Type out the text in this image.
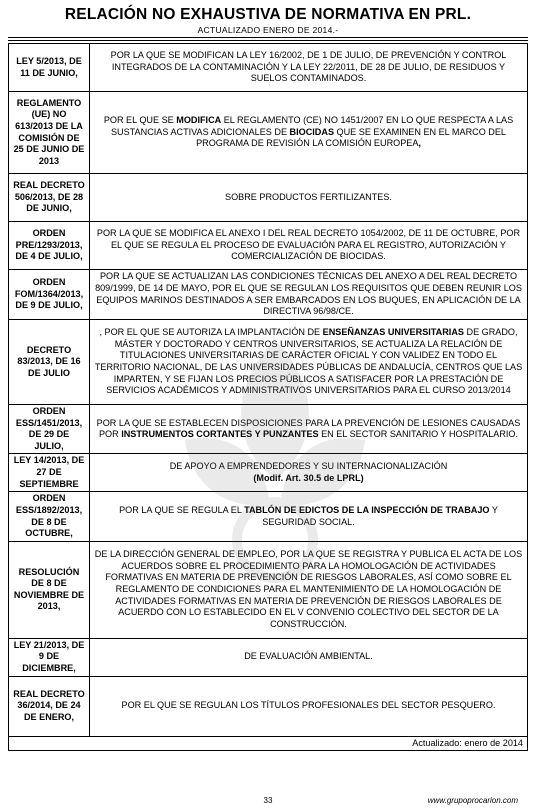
RELACIÓN NO EXHAUSTIVA DE NORMATIVA EN PRL.
ACTUALIZADO ENERO DE 2014.-
LEY 5/2013, DE 11 DE JUNIO,	POR LA QUE SE MODIFICAN LA LEY 16/2002, DE 1 DE JULIO, DE PREVENCIÓN Y CONTROL INTEGRADOS DE LA CONTAMINACIÓN Y LA LEY 22/2011, DE 28 DE JULIO, DE RESIDUOS Y SUELOS CONTAMINADOS.
REGLAMENTO (UE) NO 613/2013 DE LA COMISIÓN DE 25 DE JUNIO DE 2013	POR EL QUE SE MODIFICA EL REGLAMENTO (CE) NO 1451/2007 EN LO QUE RESPECTA A LAS SUSTANCIAS ACTIVAS ADICIONALES DE BIOCIDAS QUE SE EXAMINEN EN EL MARCO DEL PROGRAMA DE REVISIÓN LA COMISIÓN EUROPEA,
REAL DECRETO 506/2013, DE 28 DE JUNIO,	SOBRE PRODUCTOS FERTILIZANTES.
ORDEN PRE/1293/2013, DE 4 DE JULIO,	POR LA QUE SE MODIFICA EL ANEXO I DEL REAL DECRETO 1054/2002, DE 11 DE OCTUBRE, POR EL QUE SE REGULA EL PROCESO DE EVALUACIÓN PARA EL REGISTRO, AUTORIZACIÓN Y COMERCIALIZACIÓN DE BIOCIDAS.
ORDEN FOM/1364/2013, DE 9 DE JULIO,	POR LA QUE SE ACTUALIZAN LAS CONDICIONES TÉCNICAS DEL ANEXO A DEL REAL DECRETO 809/1999, DE 14 DE MAYO, POR EL QUE SE REGULAN LOS REQUISITOS QUE DEBEN REUNIR LOS EQUIPOS MARINOS DESTINADOS A SER EMBARCADOS EN LOS BUQUES, EN APLICACIÓN DE LA DIRECTIVA 96/98/CE.
DECRETO 83/2013, DE 16 DE JULIO	, POR EL QUE SE AUTORIZA LA IMPLANTACIÓN DE ENSEÑANZAS UNIVERSITARIAS DE GRADO, MÁSTER Y DOCTORADO Y CENTROS UNIVERSITARIOS, SE ACTUALIZA LA RELACIÓN DE TITULACIONES UNIVERSITARIAS DE CARÁCTER OFICIAL Y CON VALIDEZ EN TODO EL TERRITORIO NACIONAL, DE LAS UNIVERSIDADES PÚBLICAS DE ANDALUCÍA, CENTROS QUE LAS IMPARTEN, Y SE FIJAN LOS PRECIOS PÚBLICOS A SATISFACER POR LA PRESTACIÓN DE SERVICIOS ACADÉMICOS Y ADMINISTRATIVOS UNIVERSITARIOS PARA EL CURSO 2013/2014
ORDEN ESS/1451/2013, DE 29 DE JULIO,	POR LA QUE SE ESTABLECEN DISPOSICIONES PARA LA PREVENCIÓN DE LESIONES CAUSADAS POR INSTRUMENTOS CORTANTES Y PUNZANTES EN EL SECTOR SANITARIO Y HOSPITALARIO.
LEY 14/2013, DE 27 DE SEPTIEMBRE	DE APOYO A EMPRENDEDORES Y SU INTERNACIONALIZACIÓN
(Modif. Art. 30.5 de LPRL)
ORDEN ESS/1892/2013, DE 8 DE OCTUBRE,	POR LA QUE SE REGULA EL TABLÓN DE EDICTOS DE LA INSPECCIÓN DE TRABAJO Y SEGURIDAD SOCIAL.
RESOLUCIÓN DE 8 DE NOVIEMBRE DE 2013,	DE LA DIRECCIÓN GENERAL DE EMPLEO, POR LA QUE SE REGISTRA Y PUBLICA EL ACTA DE LOS ACUERDOS SOBRE EL PROCEDIMIENTO PARA LA HOMOLOGACIÓN DE ACTIVIDADES FORMATIVAS EN MATERIA DE PREVENCIÓN DE RIESGOS LABORALES, ASÍ COMO SOBRE EL REGLAMENTO DE CONDICIONES PARA EL MANTENIMIENTO DE LA HOMOLOGACIÓN DE ACTIVIDADES FORMATIVAS EN MATERIA DE PREVENCIÓN DE RIESGOS LABORALES DE ACUERDO CON LO ESTABLECIDO EN EL V CONVENIO COLECTIVO DEL SECTOR DE LA CONSTRUCCIÓN.
LEY 21/2013, DE 9 DE DICIEMBRE,	DE EVALUACIÓN AMBIENTAL.
REAL DECRETO 36/2014, DE 24 DE ENERO,	POR EL QUE SE REGULAN LOS TÍTULOS PROFESIONALES DEL SECTOR PESQUERO.
Actualizado: enero de 2014	
33	www.grupoprocarion.com
